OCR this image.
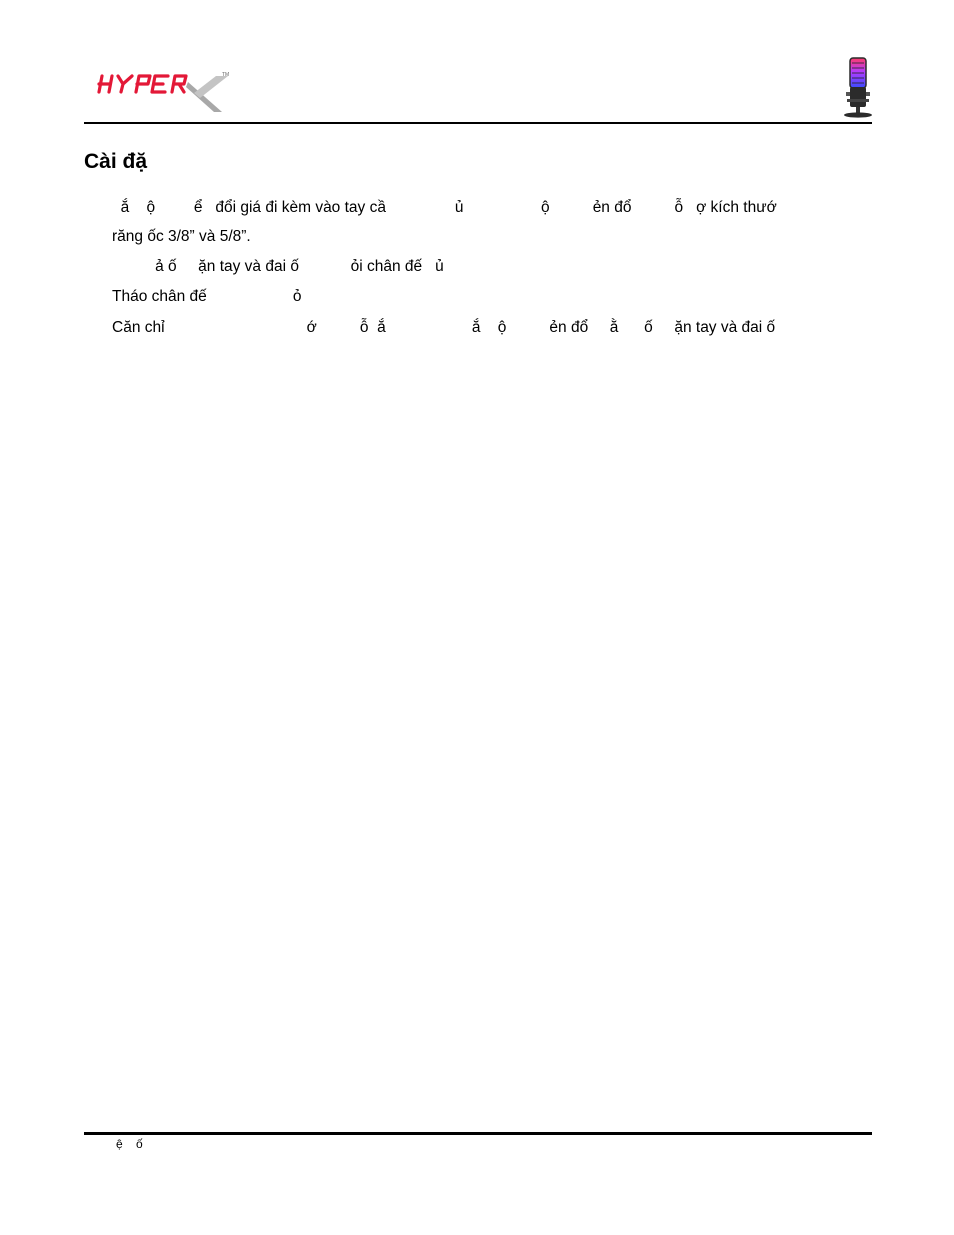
TM
Cài đặ

ắ    ộ         ể   đổi giá đi kèm vào tay cầ                ủ                  ộ          ẻn đổ          ỗ   ợ kích thướ

răng ốc 3/8” và 5/8”.

ả ố     ặn tay và đai ố            ỏi chân đế   ủ

Tháo chân đế                    ỏ

Căn chỉ                                 ớ          ỗ  ắ                    ắ    ộ          ẻn đổ     ằ      ố     ặn tay và đai ố

ệ    ố
